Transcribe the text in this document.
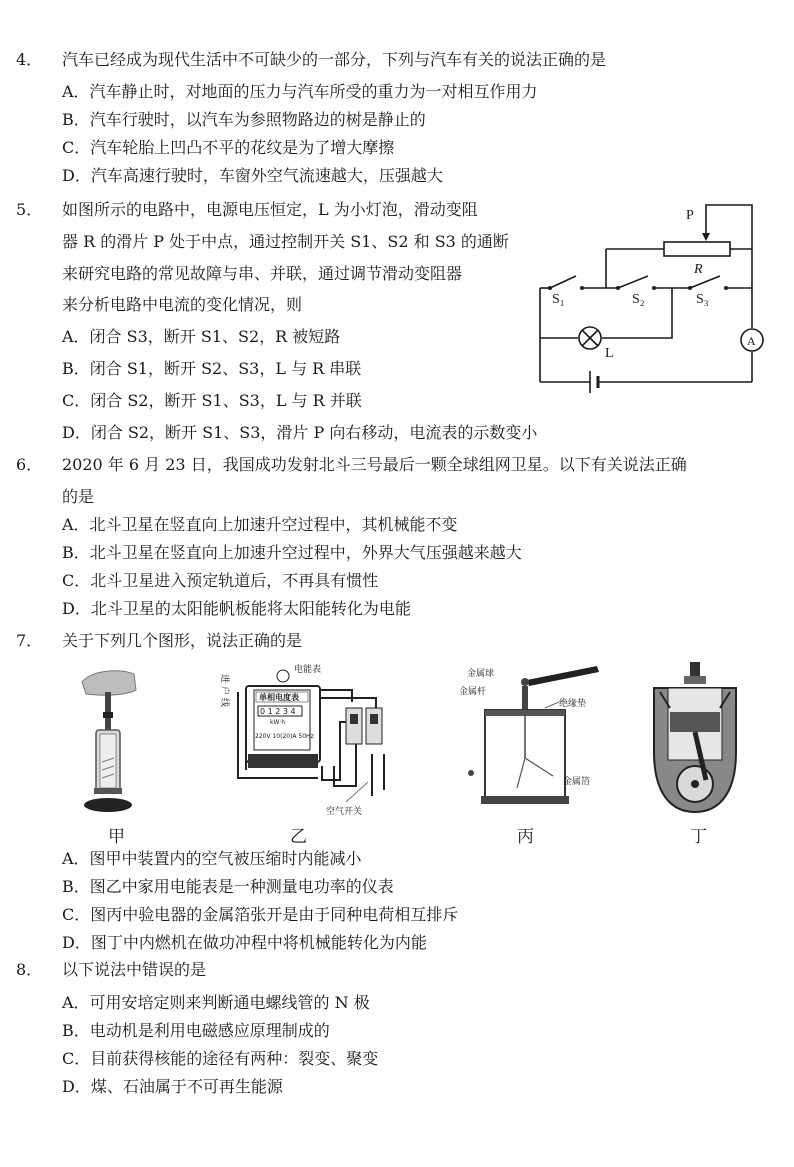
4． 汽车已经成为现代生活中不可缺少的一部分，下列与汽车有关的说法正确的是
A．汽车静止时，对地面的压力与汽车所受的重力为一对相互作用力
B．汽车行驶时，以汽车为参照物路边的树是静止的
C．汽车轮胎上凹凸不平的花纹是为了增大摩擦
D．汽车高速行驶时，车窗外空气流速越大，压强越大
5． 如图所示的电路中，电源电压恒定，L 为小灯泡，滑动变阻
器 R 的滑片 P 处于中点，通过控制开关 S1、S2 和 S3 的通断
来研究电路的常见故障与串、并联，通过调节滑动变阻器
来分析电路中电流的变化情况，则
A．闭合 S3，断开 S1、S2，R 被短路
B．闭合 S1，断开 S2、S3，L 与 R 串联
C．闭合 S2，断开 S1、S3，L 与 R 并联
D．闭合 S2，断开 S1、S3，滑片 P 向右移动，电流表的示数变小
P
R
S₁	S₂	S₃
L
A
6． 2020 年 6 月 23 日，我国成功发射北斗三号最后一颗全球组网卫星。以下有关说法正确
的是
A．北斗卫星在竖直向上加速升空过程中，其机械能不变
B．北斗卫星在竖直向上加速升空过程中，外界大气压强越来越大
C．北斗卫星进入预定轨道后，不再具有惯性
D．北斗卫星的太阳能帆板能将太阳能转化为电能
7． 关于下列几个图形，说法正确的是
进户线
电能表
单相电度表
0 1 2 3 4
kW·h
220V 10(20)A 50Hz
空气开关
金属球
金属杆
绝缘垫
金属箔
甲	乙	丙	丁
A．图甲中装置内的空气被压缩时内能减小
B．图乙中家用电能表是一种测量电功率的仪表
C．图丙中验电器的金属箔张开是由于同种电荷相互排斥
D．图丁中内燃机在做功冲程中将机械能转化为内能
8． 以下说法中错误的是
A．可用安培定则来判断通电螺线管的 N 极
B．电动机是利用电磁感应原理制成的
C．目前获得核能的途径有两种：裂变、聚变
D．煤、石油属于不可再生能源
